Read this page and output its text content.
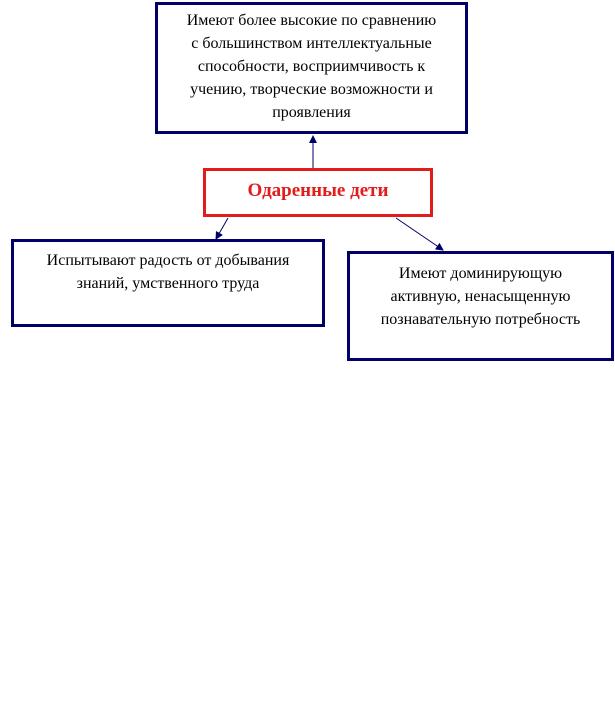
Имеют более высокие по сравнению
с большинством интеллектуальные
способности, восприимчивость к
учению, творческие возможности и
проявления
Одаренные дети
Испытывают радость от добывания
знаний, умственного труда
Имеют доминирующую
активную, ненасыщенную
познавательную потребность
